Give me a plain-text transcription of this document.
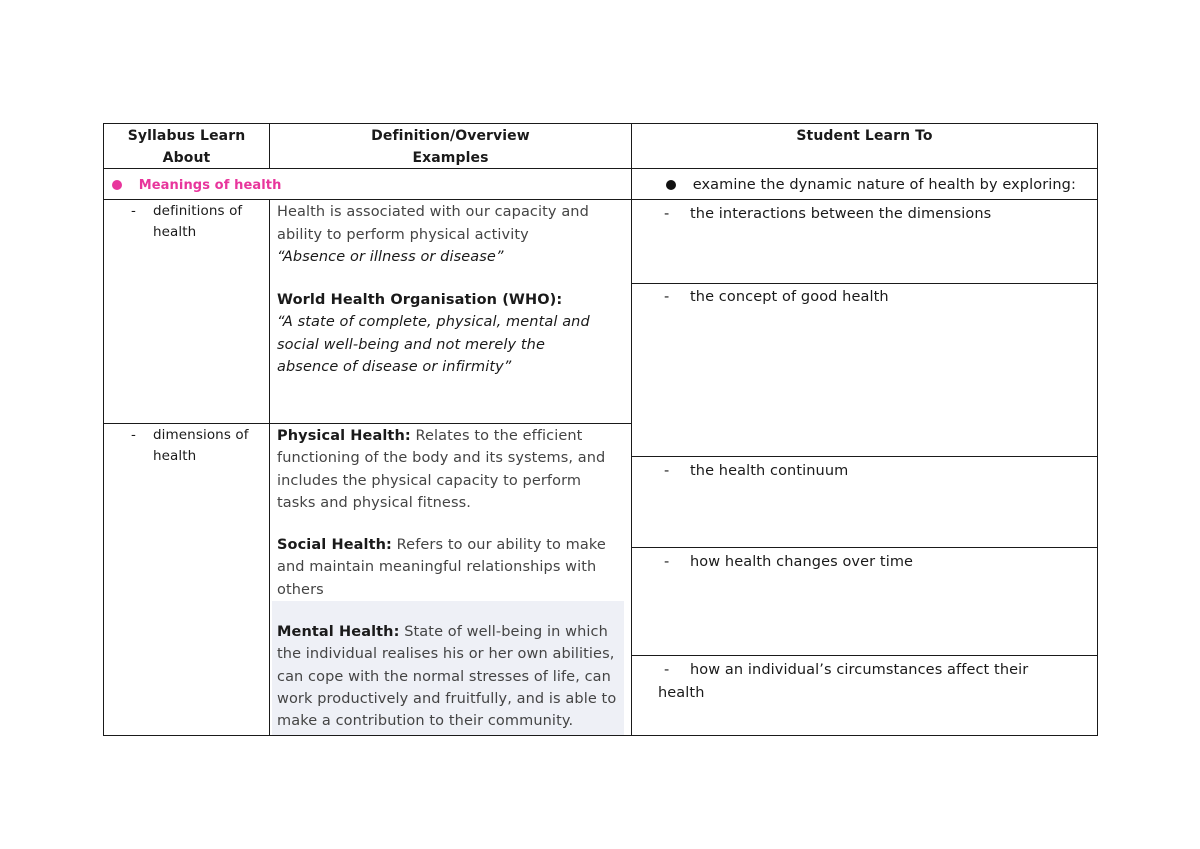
Syllabus Learn
About
Definition/Overview
Examples
Student Learn To
Meanings of health	examine the dynamic nature of health by exploring:
- definitions of
health
Health is associated with our capacity and
ability to perform physical activity
“Absence or illness or disease”
World Health Organisation (WHO):
“A state of complete, physical, mental and
social well-being and not merely the
absence of disease or infirmity”
- dimensions of
health
Physical Health: Relates to the efficient
functioning of the body and its systems, and
includes the physical capacity to perform
tasks and physical fitness.
Social Health: Refers to our ability to make
and maintain meaningful relationships with
others
Mental Health: State of well-being in which
the individual realises his or her own abilities,
can cope with the normal stresses of life, can
work productively and fruitfully, and is able to
make a contribution to their community.
- the interactions between the dimensions
- the concept of good health
- the health continuum
- how health changes over time
- how an individual’s circumstances affect their
health
